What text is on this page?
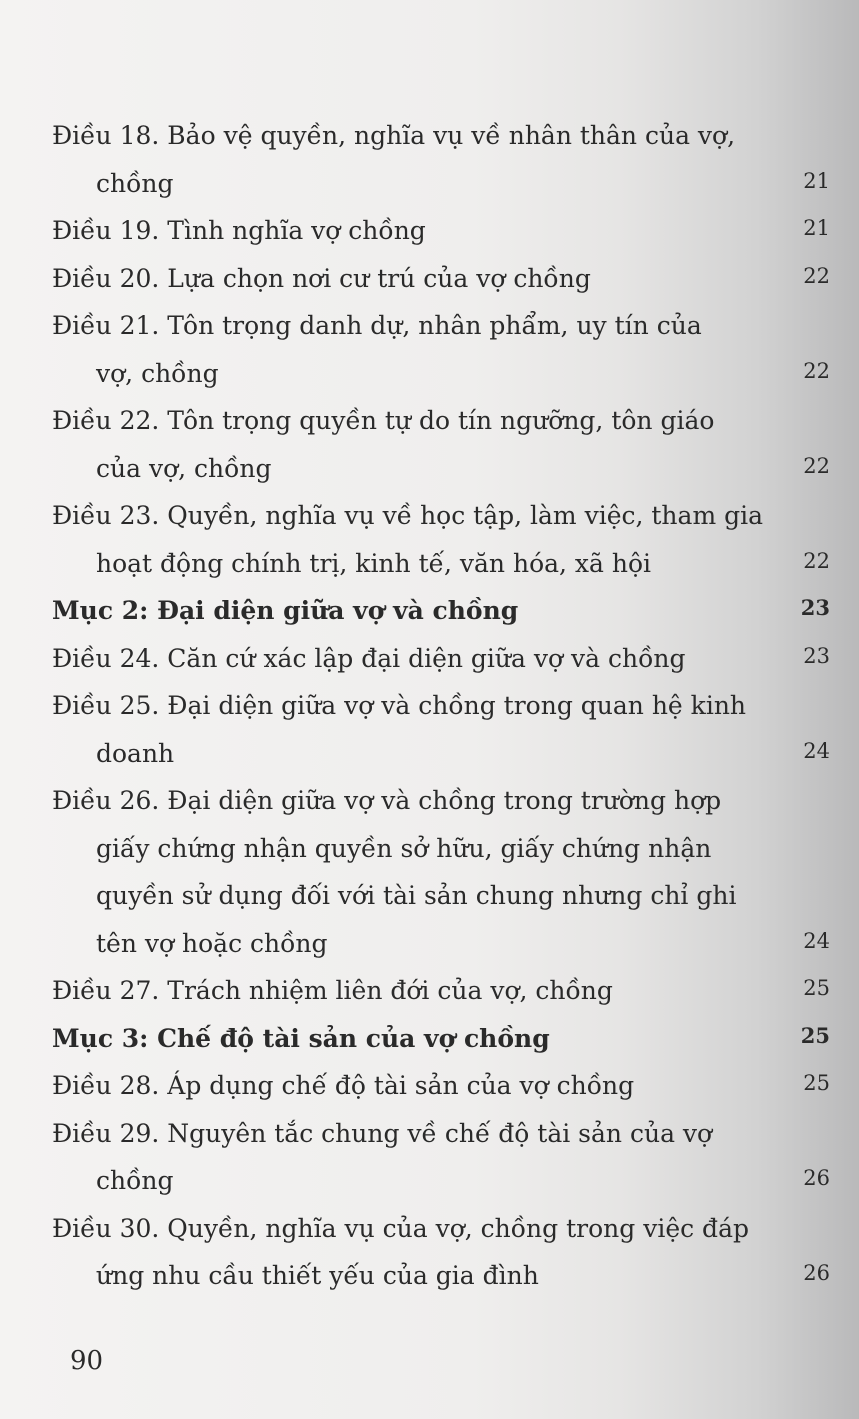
Điều 18. Bảo vệ quyền, nghĩa vụ về nhân thân của vợ,
chồng	21
Điều 19. Tình nghĩa vợ chồng	21
Điều 20. Lựa chọn nơi cư trú của vợ chồng	22
Điều 21. Tôn trọng danh dự, nhân phẩm, uy tín của
vợ, chồng	22
Điều 22. Tôn trọng quyền tự do tín ngưỡng, tôn giáo
của vợ, chồng	22
Điều 23. Quyền, nghĩa vụ về học tập, làm việc, tham gia
hoạt động chính trị, kinh tế, văn hóa, xã hội	22
Mục 2: Đại diện giữa vợ và chồng	23
Điều 24. Căn cứ xác lập đại diện giữa vợ và chồng	23
Điều 25. Đại diện giữa vợ và chồng trong quan hệ kinh
doanh	24
Điều 26. Đại diện giữa vợ và chồng trong trường hợp
giấy chứng nhận quyền sở hữu, giấy chứng nhận
quyền sử dụng đối với tài sản chung nhưng chỉ ghi
tên vợ hoặc chồng	24
Điều 27. Trách nhiệm liên đới của vợ, chồng	25
Mục 3: Chế độ tài sản của vợ chồng	25
Điều 28. Áp dụng chế độ tài sản của vợ chồng	25
Điều 29. Nguyên tắc chung về chế độ tài sản của vợ
chồng	26
Điều 30. Quyền, nghĩa vụ của vợ, chồng trong việc đáp
ứng nhu cầu thiết yếu của gia đình	26
90
